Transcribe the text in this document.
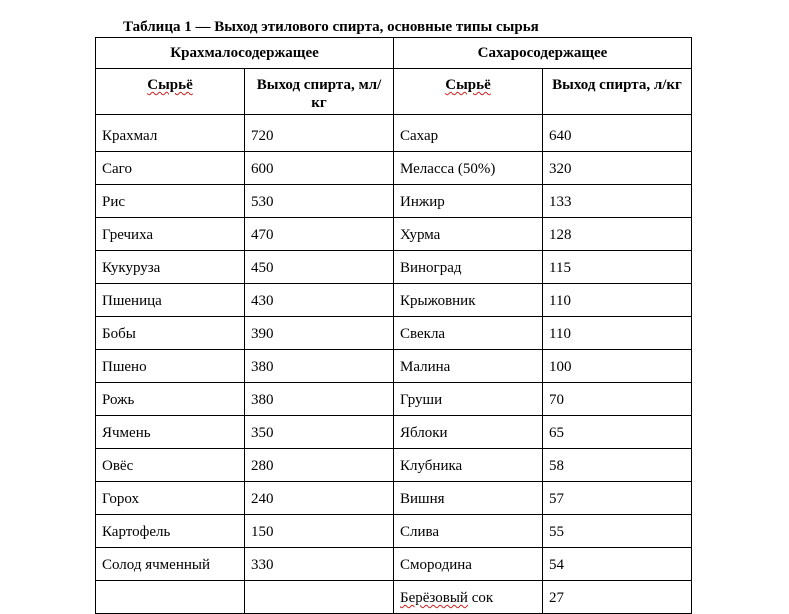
Таблица 1 — Выход этилового спирта, основные типы сырья
Крахмалосодержащее		Сахаросодержащее	
Сырьё	Выход спирта, мл/кг	Сырьё	Выход спирта, л/кг
Крахмал	720	Сахар	640
Саго	600	Меласса (50%)	320
Рис	530	Инжир	133
Гречиха	470	Хурма	128
Кукуруза	450	Виноград	115
Пшеница	430	Крыжовник	110
Бобы	390	Свекла	110
Пшено	380	Малина	100
Рожь	380	Груши	70
Ячмень	350	Яблоки	65
Овёс	280	Клубника	58
Горох	240	Вишня	57
Картофель	150	Слива	55
Солод ячменный	330	Смородина	54
		Берёзовый сок	27
